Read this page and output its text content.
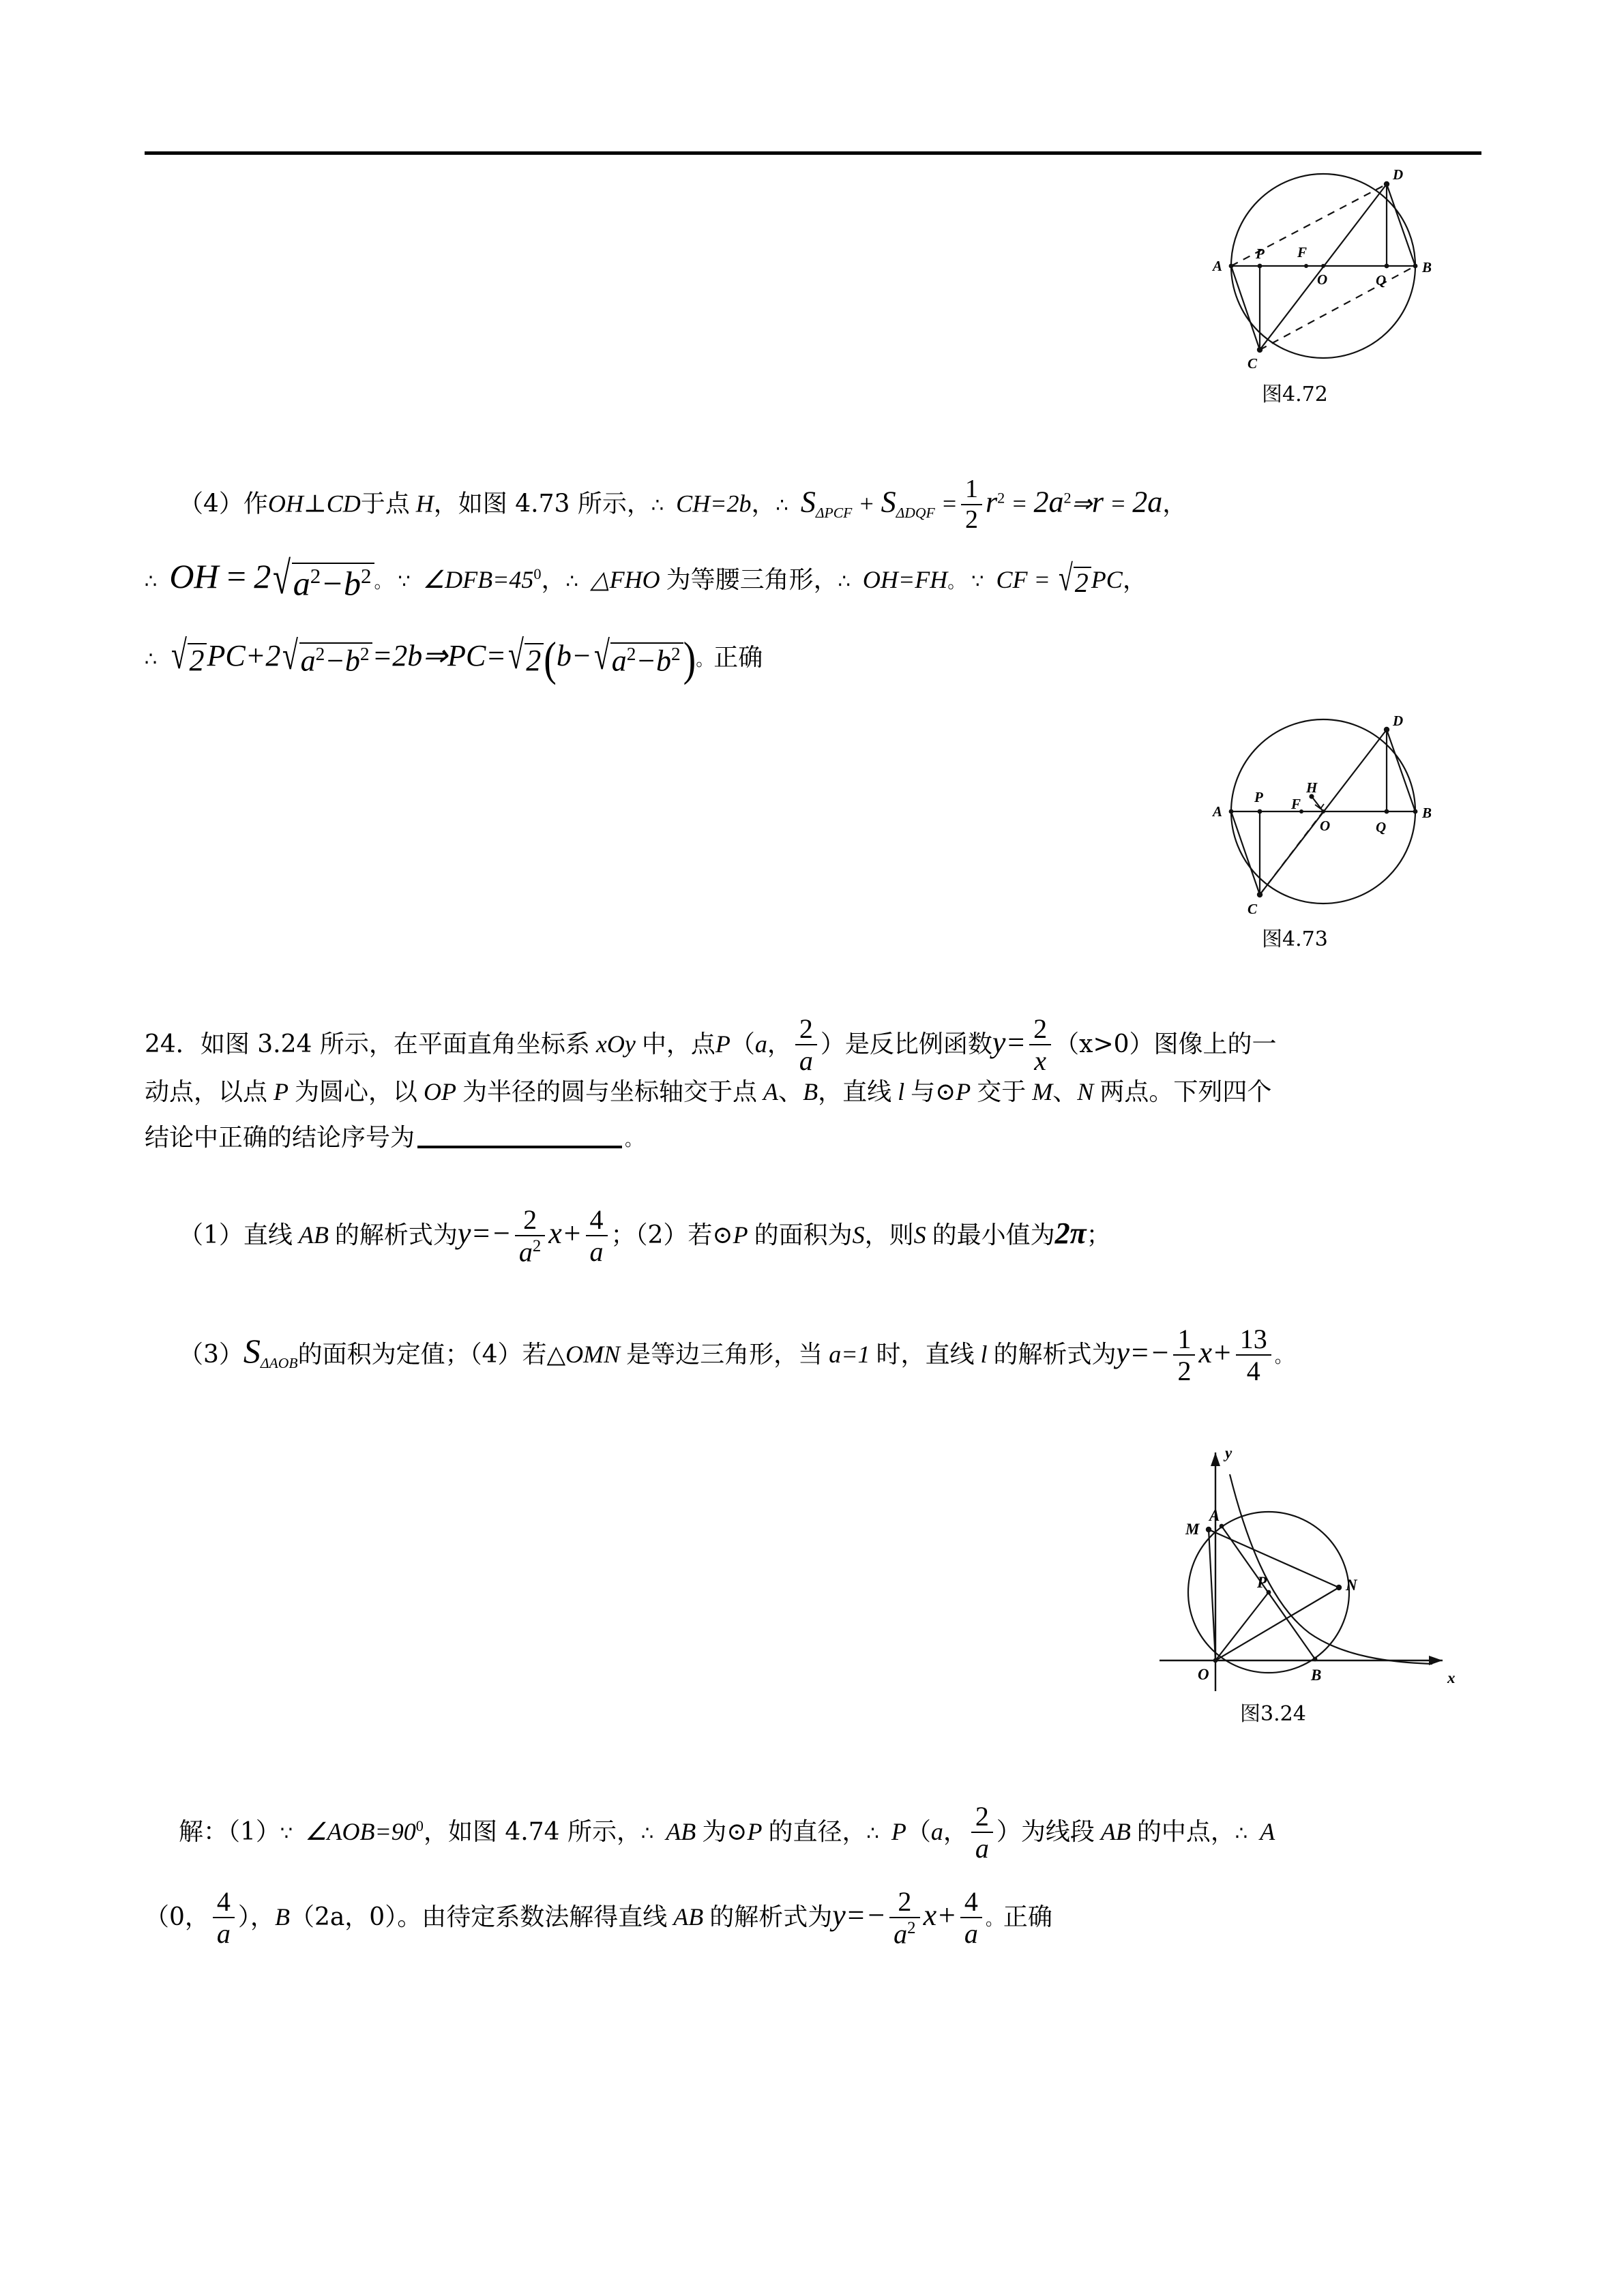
A
P F
O	Q
B
C
D
图4.72
（4）作OH⊥CD于点 H，如图 4.73 所示，∴ CH=2b，∴ $S_{\Delta PCF} + S_{\Delta DQF} = \frac{1}{2} r^2$ = $2a^2\Rightarrow r = 2a$，
∴ OH = $2√a^2-b^2$ 。 ∵ $\angle DFB=45^0$，∴ △FHO 为等腰三角形，∴ OH=FH。 ∵ CF = √2 PC，
∴ $√2PC+2√a^2-b^2=2b\Rightarrow PC=√2(b-√a^2-b^2)$。正确
A
P F
H
O	Q
B
C
D
图4.73
24．如图 3.24 所示，在平面直角坐标系 xOy 中，点P（a， $\frac{2}{a}$ ）是反比例函数$y= \frac{2}{x} (x>0)$图像上的一
动点，以点 P 为圆心，以 OP 为半径的圆与坐标轴交于点 A、B，直线 l 与⊙P 交于 M、N 两点。下列四个
结论中正确的结论序号为	。
（1）直线 AB 的解析式为$y=- \frac{2}{a^2} x+ \frac{4}{a}$ ；（2）若⊙P 的面积为S，则S 的最小值为2π；
$(3)S_{\Delta AOB}$的面积为定值；（4）若△OMN 是等边三角形，当 a=1 时，直线 l 的解析式为$y=- \frac{1}{2} x+ \frac{13}{4}$ 。
y
x
O
M
A
P	N
B
图3.24
解：（1）∵ $\angle AOB=90^0$，如图 4.74 所示，∴ AB 为⊙P 的直径，∴ P（a， $\frac{2}{a}$ ）为线段 AB 的中点，∴ A
（0， $\frac{4}{a}$ ），B（2a，0）。由待定系数法解得直线 AB 的解析式为$y=- \frac{2}{a^2} x+ \frac{4}{a}$ 。正确
